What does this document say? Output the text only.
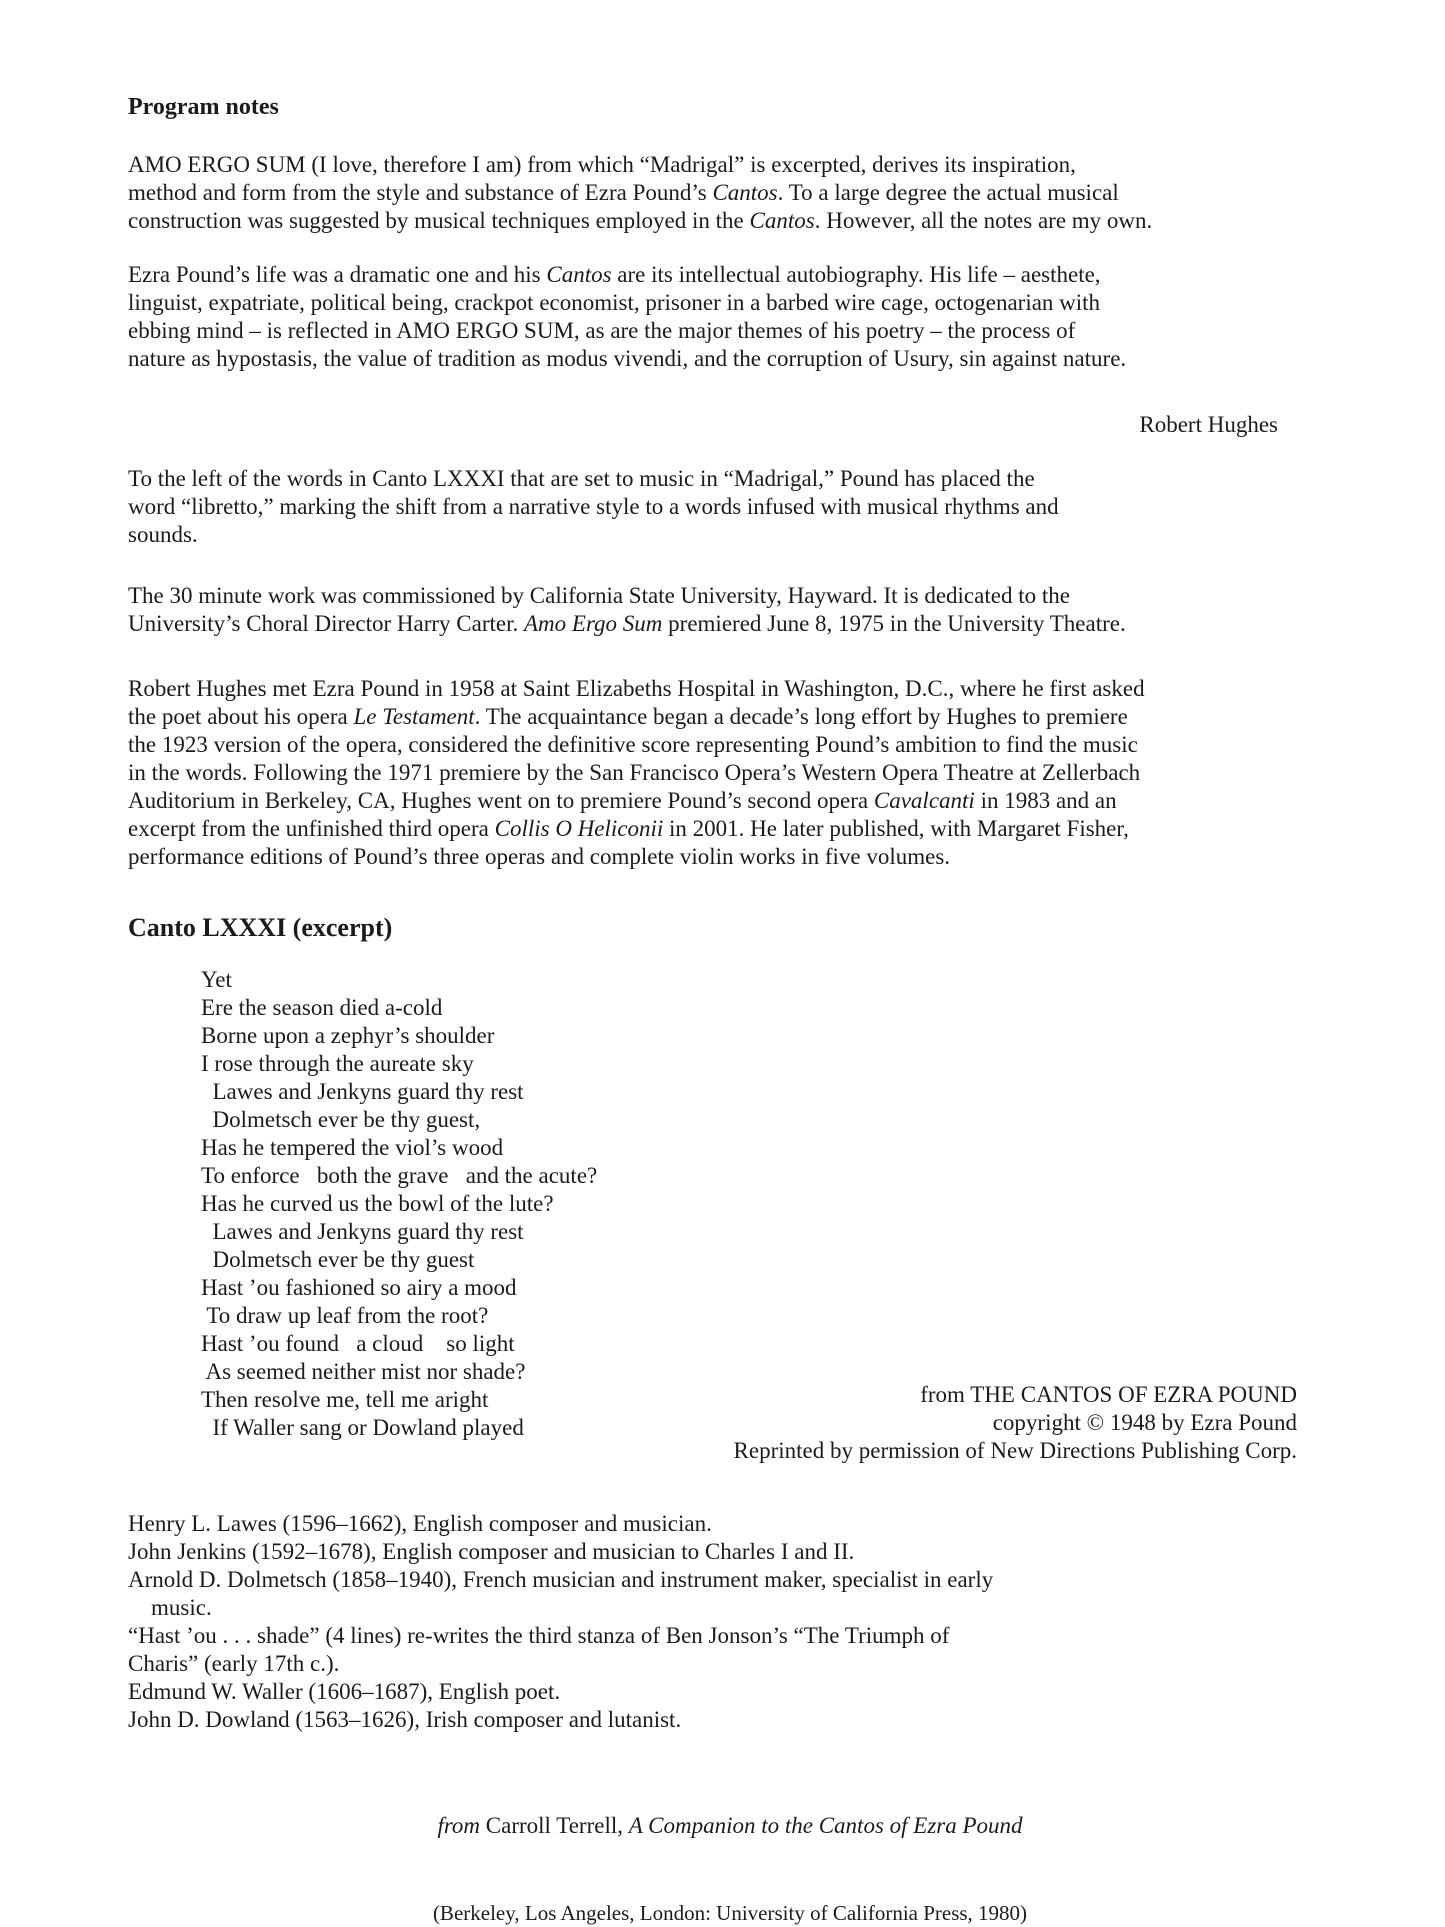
Program notes
AMO ERGO SUM (I love, therefore I am) from which “Madrigal” is excerpted, derives its inspiration,
method and form from the style and substance of Ezra Pound’s Cantos. To a large degree the actual musical
construction was suggested by musical techniques employed in the Cantos. However, all the notes are my own.
Ezra Pound’s life was a dramatic one and his Cantos are its intellectual autobiography. His life – aesthete,
linguist, expatriate, political being, crackpot economist, prisoner in a barbed wire cage, octogenarian with
ebbing mind – is reflected in AMO ERGO SUM, as are the major themes of his poetry – the process of
nature as hypostasis, the value of tradition as modus vivendi, and the corruption of Usury, sin against nature.
Robert Hughes
To the left of the words in Canto LXXXI that are set to music in “Madrigal,” Pound has placed the
word “libretto,” marking the shift from a narrative style to a words infused with musical rhythms and
sounds.
The 30 minute work was commissioned by California State University, Hayward. It is dedicated to the
University’s Choral Director Harry Carter. Amo Ergo Sum premiered June 8, 1975 in the University Theatre.
Robert Hughes met Ezra Pound in 1958 at Saint Elizabeths Hospital in Washington, D.C., where he first asked
the poet about his opera Le Testament. The acquaintance began a decade’s long effort by Hughes to premiere
the 1923 version of the opera, considered the definitive score representing Pound’s ambition to find the music
in the words. Following the 1971 premiere by the San Francisco Opera’s Western Opera Theatre at Zellerbach
Auditorium in Berkeley, CA, Hughes went on to premiere Pound’s second opera Cavalcanti in 1983 and an
excerpt from the unfinished third opera Collis O Heliconii in 2001. He later published, with Margaret Fisher,
performance editions of Pound’s three operas and complete violin works in five volumes.
Canto LXXXI (excerpt)
Yet
Ere the season died a-cold
Borne upon a zephyr’s shoulder
I rose through the aureate sky
Lawes and Jenkyns guard thy rest
Dolmetsch ever be thy guest,
Has he tempered the viol’s wood
To enforce   both the grave   and the acute?
Has he curved us the bowl of the lute?
Lawes and Jenkyns guard thy rest
Dolmetsch ever be thy guest
Hast ’ou fashioned so airy a mood
To draw up leaf from the root?
Hast ’ou found   a cloud    so light
As seemed neither mist nor shade?
Then resolve me, tell me aright
If Waller sang or Dowland played
from THE CANTOS OF EZRA POUND
copyright © 1948 by Ezra Pound
Reprinted by permission of New Directions Publishing Corp.
Henry L. Lawes (1596–1662), English composer and musician.
John Jenkins (1592–1678), English composer and musician to Charles I and II.
Arnold D. Dolmetsch (1858–1940), French musician and instrument maker, specialist in early
music.
“Hast ’ou . . . shade” (4 lines) re-writes the third stanza of Ben Jonson’s “The Triumph of
Charis” (early 17th c.).
Edmund W. Waller (1606–1687), English poet.
John D. Dowland (1563–1626), Irish composer and lutanist.

from Carroll Terrell, A Companion to the Cantos of Ezra Pound

(Berkeley, Los Angeles, London: University of California Press, 1980)
